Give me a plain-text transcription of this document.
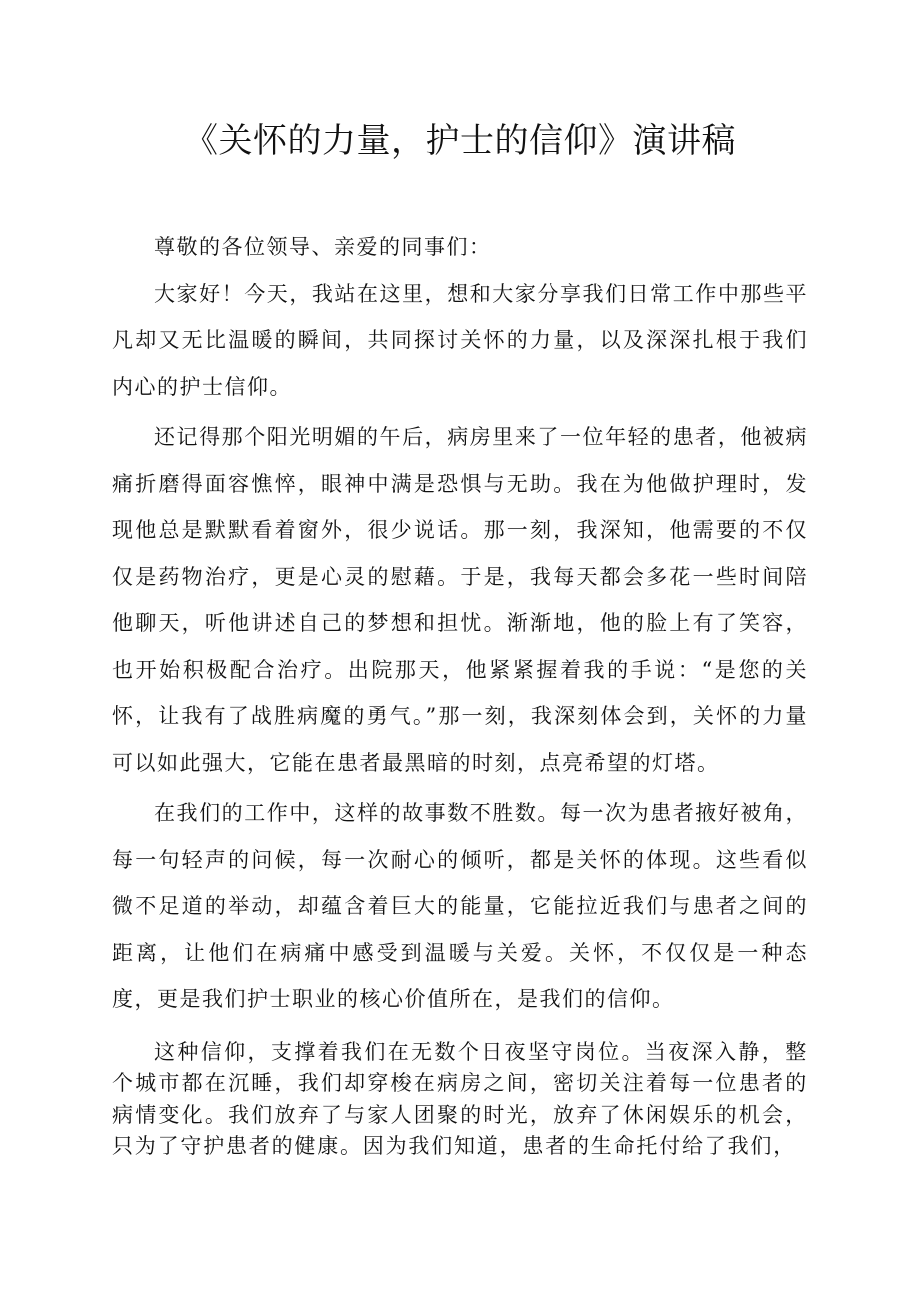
《关怀的力量，护士的信仰》演讲稿

尊敬的各位领导、亲爱的同事们：

大家好！今天，我站在这里，想和大家分享我们日常工作中那些平凡却又无比温暖的瞬间，共同探讨关怀的力量，以及深深扎根于我们内心的护士信仰。

还记得那个阳光明媚的午后，病房里来了一位年轻的患者，他被病痛折磨得面容憔悴，眼神中满是恐惧与无助。我在为他做护理时，发现他总是默默看着窗外，很少说话。那一刻，我深知，他需要的不仅仅是药物治疗，更是心灵的慰藉。于是，我每天都会多花一些时间陪他聊天，听他讲述自己的梦想和担忧。渐渐地，他的脸上有了笑容，也开始积极配合治疗。出院那天，他紧紧握着我的手说：“是您的关怀，让我有了战胜病魔的勇气。”那一刻，我深刻体会到，关怀的力量可以如此强大，它能在患者最黑暗的时刻，点亮希望的灯塔。

在我们的工作中，这样的故事数不胜数。每一次为患者掖好被角，每一句轻声的问候，每一次耐心的倾听，都是关怀的体现。这些看似微不足道的举动，却蕴含着巨大的能量，它能拉近我们与患者之间的距离，让他们在病痛中感受到温暖与关爱。关怀，不仅仅是一种态度，更是我们护士职业的核心价值所在，是我们的信仰。

这种信仰，支撑着我们在无数个日夜坚守岗位。当夜深入静，整个城市都在沉睡，我们却穿梭在病房之间，密切关注着每一位患者的病情变化。我们放弃了与家人团聚的时光，放弃了休闲娱乐的机会，只为了守护患者的健康。因为我们知道，患者的生命托付给了我们，
